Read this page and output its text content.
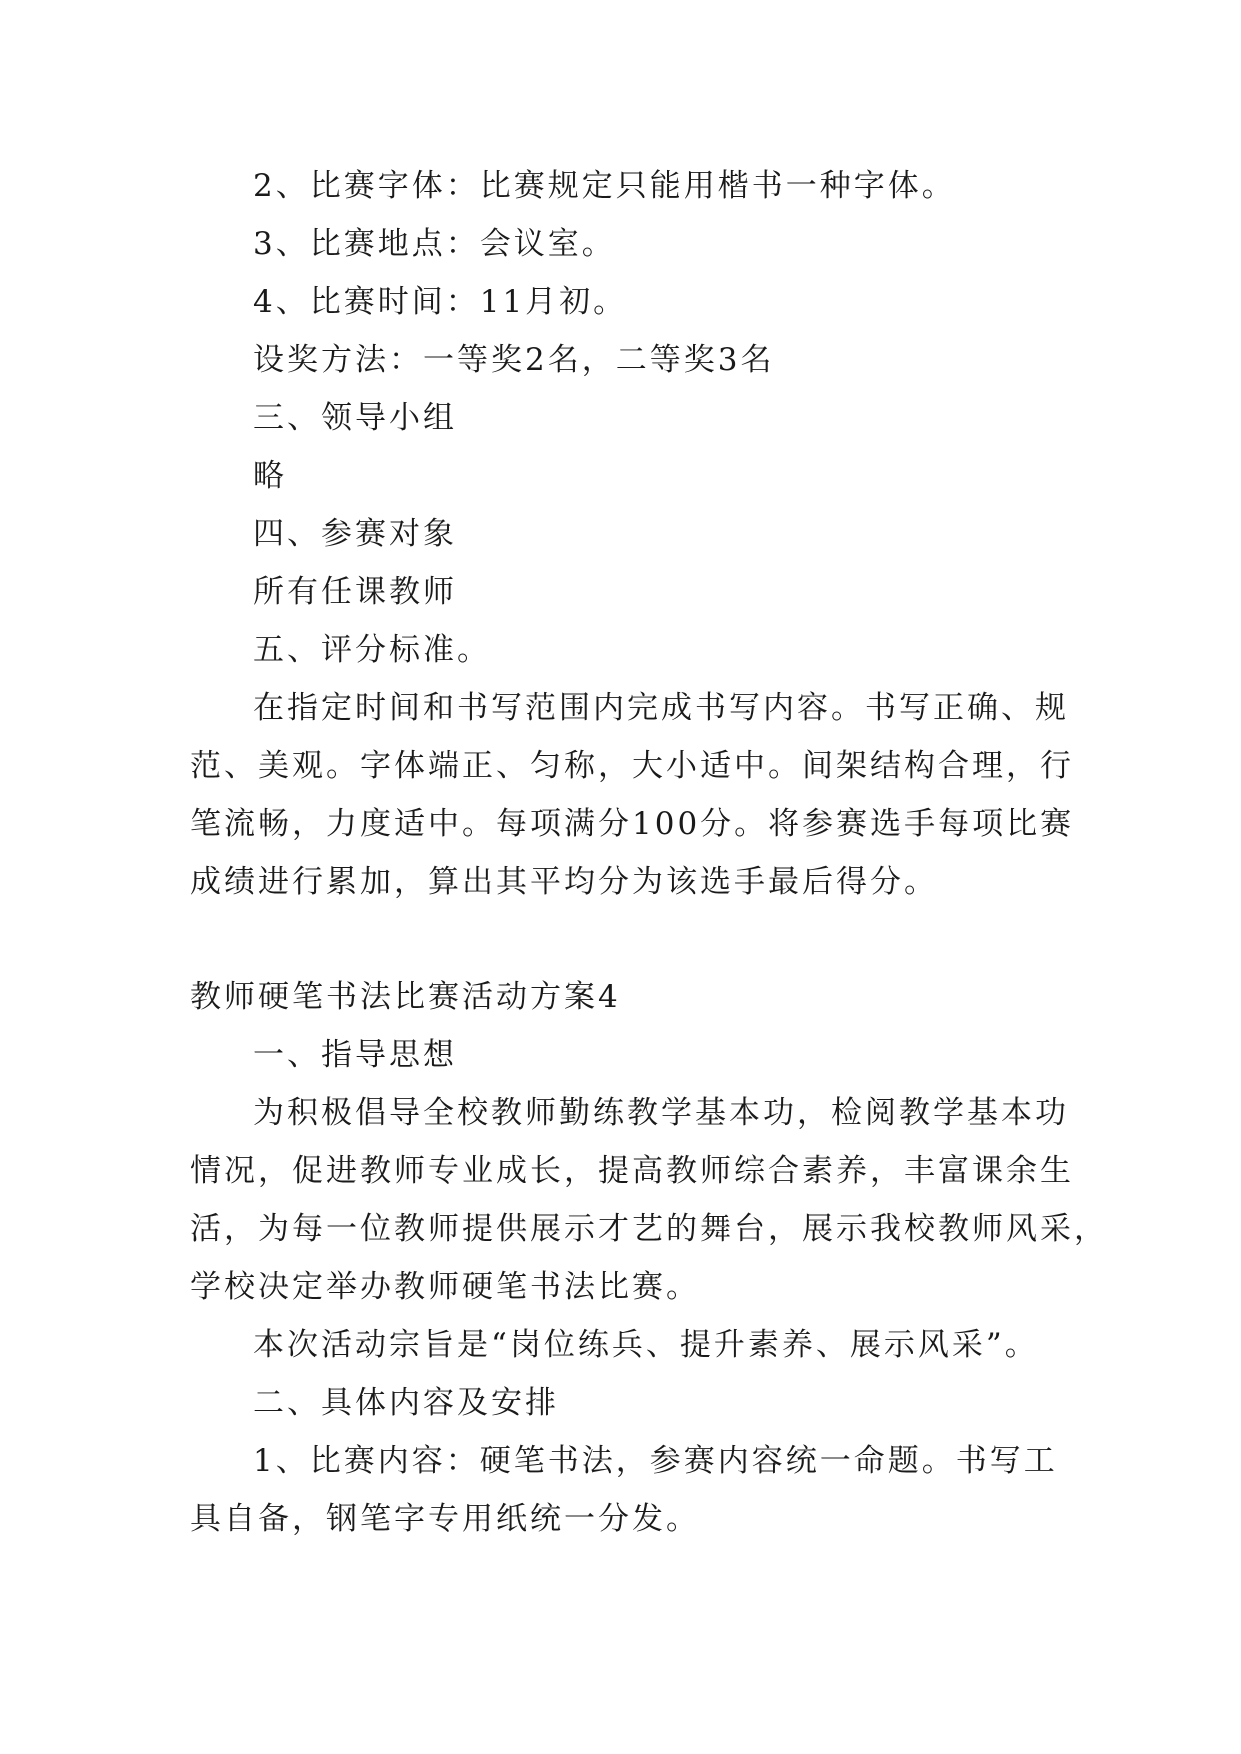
2、比赛字体：比赛规定只能用楷书一种字体。

3、比赛地点：会议室。

4、比赛时间：11月初。

设奖方法：一等奖2名，二等奖3名

三、领导小组

略

四、参赛对象

所有任课教师

五、评分标准。

在指定时间和书写范围内完成书写内容。书写正确、规

范、美观。字体端正、匀称，大小适中。间架结构合理，行

笔流畅，力度适中。每项满分100分。将参赛选手每项比赛

成绩进行累加，算出其平均分为该选手最后得分。

教师硬笔书法比赛活动方案4

一、指导思想

为积极倡导全校教师勤练教学基本功，检阅教学基本功

情况，促进教师专业成长，提高教师综合素养，丰富课余生

活，为每一位教师提供展示才艺的舞台，展示我校教师风采，

学校决定举办教师硬笔书法比赛。

本次活动宗旨是“岗位练兵、提升素养、展示风采”。

二、具体内容及安排

1、比赛内容：硬笔书法，参赛内容统一命题。书写工

具自备，钢笔字专用纸统一分发。
